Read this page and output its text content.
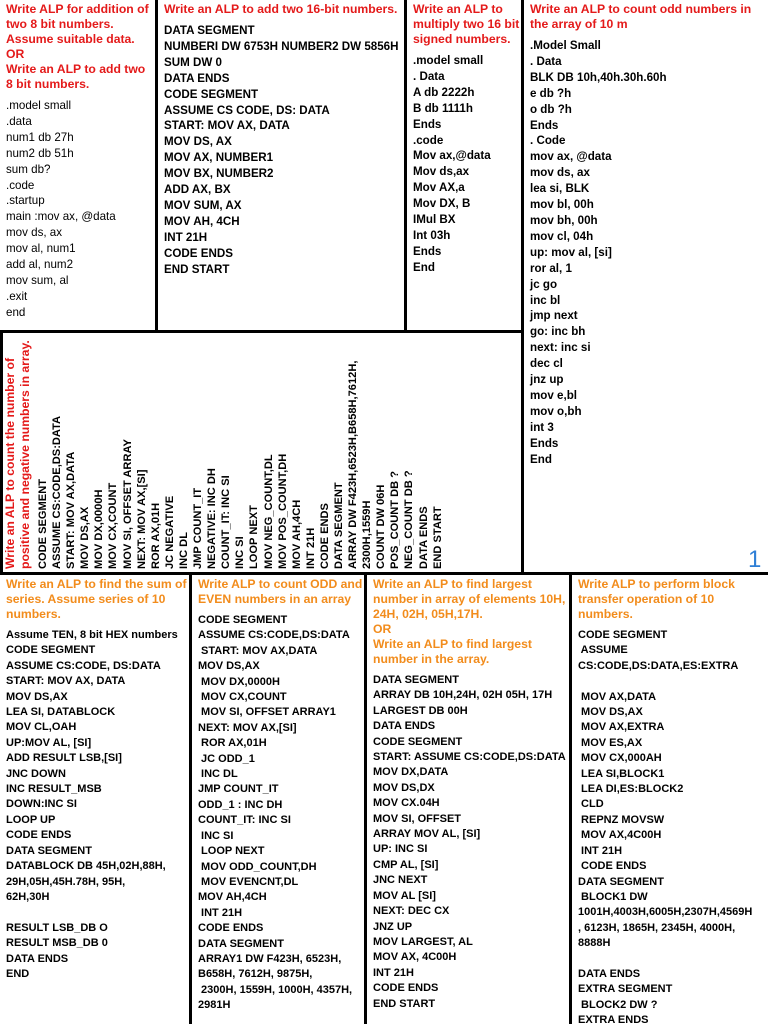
Write ALP for addition of two 8 bit numbers. Assume suitable data.
OR
Write an ALP to add two 8 bit numbers.
.model small
.data
num1 db 27h
num2 db 51h
sum db?
.code
.startup
main :mov ax, @data
mov ds, ax
mov al, num1
add al, num2
mov sum, al
.exit
end
Write an ALP to add two 16-bit numbers.
DATA SEGMENT
NUMBERI DW 6753H NUMBER2 DW 5856H
SUM DW 0
DATA ENDS
CODE SEGMENT
ASSUME CS CODE, DS: DATA
START: MOV AX, DATA
MOV DS, AX
MOV AX, NUMBER1
MOV BX, NUMBER2
ADD AX, BX
MOV SUM, AX
MOV AH, 4CH
INT 21H
CODE ENDS
END START
Write an ALP to multiply two 16 bit signed numbers.
.model small
. Data
A db 2222h
B db 1111h
Ends
.code
Mov ax,@data
Mov ds,ax
Mov AX,a
Mov DX, B
IMul BX
Int 03h
Ends
End
Write an ALP to count odd numbers in the array of 10 m
.Model Small
. Data
BLK DB 10h,40h.30h.60h
e db ?h
o db ?h
Ends
. Code
mov ax, @data
mov ds, ax
lea si, BLK
mov bl, 00h
mov bh, 00h
mov cl, 04h
up: mov al, [si]
ror al, 1
jc go
inc bl
jmp next
go: inc bh
next: inc si
dec cl
jnz up
mov e,bl
mov o,bh
int 3
Ends
End
Write an ALP to count the number of positive and negative numbers in array. CODE SEGMENT ASSUME CS:CODE,DS:DATA START: MOV AX,DATA MOV DS,AX MOV DX,0000H MOV CX,COUNT MOV SI, OFFSET ARRAY NEXT: MOV AX,[SI] ROR AX,01H JC NEGATIVE INC DL JMP COUNT_IT NEGATIVE: INC DH COUNT_IT: INC SI INC SI LOOP NEXT MOV NEG_COUNT,DL MOV POS_COUNT,DH MOV AH,4CH INT 21H CODE ENDS DATA SEGMENT ARRAY DW F423H,6523H,B658H,7612H, 2300H,1559H COUNT DW 06H POS_COUNT DB ? NEG_COUNT DB ? DATA ENDS END START	1
Write an ALP to find the sum of series. Assume series of 10 numbers.
Assume TEN, 8 bit HEX numbers
CODE SEGMENT
ASSUME CS:CODE, DS:DATA
START: MOV AX, DATA
MOV DS,AX
LEA SI, DATABLOCK
MOV CL,OAH
UP:MOV AL, [SI]
ADD RESULT LSB,[SI]
JNC DOWN
INC RESULT_MSB
DOWN:INC SI
LOOP UP
CODE ENDS
DATA SEGMENT
DATABLOCK DB 45H,02H,88H,
29H,05H,45H.78H, 95H,
62H,30H

RESULT LSB_DB O
RESULT MSB_DB 0
DATA ENDS
END
Write ALP to count ODD and EVEN numbers in an array
CODE SEGMENT
ASSUME CS:CODE,DS:DATA
START: MOV AX,DATA
MOV DS,AX
MOV DX,0000H
MOV CX,COUNT
MOV SI, OFFSET ARRAY1
NEXT: MOV AX,[SI]
ROR AX,01H
JC ODD_1
INC DL
JMP COUNT_IT
ODD_1 : INC DH
COUNT_IT: INC SI
INC SI
LOOP NEXT
MOV ODD_COUNT,DH
MOV EVENCNT,DL
MOV AH,4CH
INT 21H
CODE ENDS
DATA SEGMENT
ARRAY1 DW F423H, 6523H,
B658H, 7612H, 9875H,
2300H, 1559H, 1000H, 4357H,
2981H
Write an ALP to find largest number in array of elements 10H, 24H, 02H, 05H,17H.
OR
Write an ALP to find largest number in the array.
DATA SEGMENT
ARRAY DB 10H,24H, 02H 05H, 17H
LARGEST DB 00H
DATA ENDS
CODE SEGMENT
START: ASSUME CS:CODE,DS:DATA
MOV DX,DATA
MOV DS,DX
MOV CX.04H
MOV SI, OFFSET
ARRAY MOV AL, [SI]
UP: INC SI
CMP AL, [SI]
JNC NEXT
MOV AL [SI]
NEXT: DEC CX
JNZ UP
MOV LARGEST, AL
MOV AX, 4C00H
INT 21H
CODE ENDS
END START
Write ALP to perform block transfer operation of 10 numbers.
CODE SEGMENT
ASSUME
CS:CODE,DS:DATA,ES:EXTRA

MOV AX,DATA
MOV DS,AX
MOV AX,EXTRA
MOV ES,AX
MOV CX,000AH
LEA SI,BLOCK1
LEA DI,ES:BLOCK2
CLD
REPNZ MOVSW
MOV AX,4C00H
INT 21H
CODE ENDS
DATA SEGMENT
BLOCK1 DW
1001H,4003H,6005H,2307H,4569H
, 6123H, 1865H, 2345H, 4000H,
8888H

DATA ENDS
EXTRA SEGMENT
BLOCK2 DW ?
EXTRA ENDS
